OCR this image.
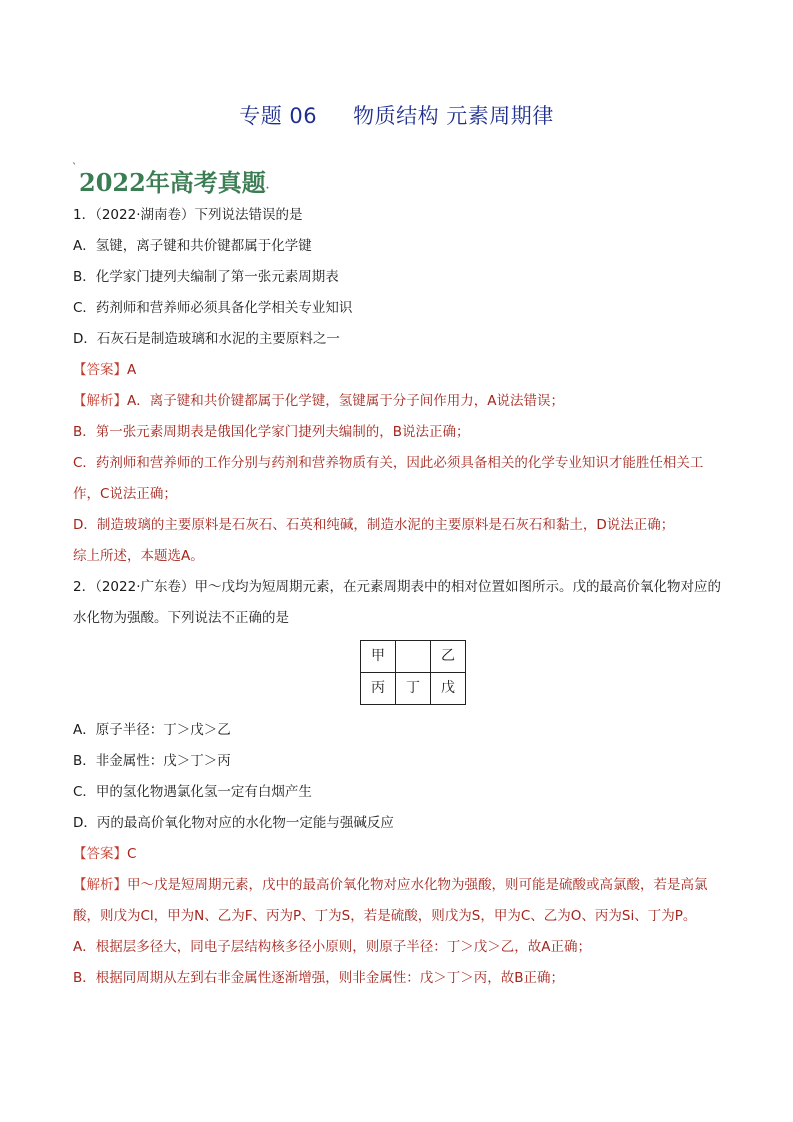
专题 06 物质结构 元素周期律
`2022年高考真题·
1．（2022·湖南卷）下列说法错误的是
A．氢键，离子键和共价键都属于化学键
B．化学家门捷列夫编制了第一张元素周期表
C．药剂师和营养师必须具备化学相关专业知识
D．石灰石是制造玻璃和水泥的主要原料之一
【答案】A
【解析】A．离子键和共价键都属于化学键，氢键属于分子间作用力，A说法错误；
B．第一张元素周期表是俄国化学家门捷列夫编制的，B说法正确；
C．药剂师和营养师的工作分别与药剂和营养物质有关，因此必须具备相关的化学专业知识才能胜任相关工作，C说法正确；
D．制造玻璃的主要原料是石灰石、石英和纯碱，制造水泥的主要原料是石灰石和黏土，D说法正确；
综上所述，本题选A。
2．（2022·广东卷）甲～戊均为短周期元素，在元素周期表中的相对位置如图所示。戊的最高价氧化物对应的水化物为强酸。下列说法不正确的是
甲		乙
丙	丁	戊
A．原子半径：丁＞戊＞乙
B．非金属性：戊＞丁＞丙
C．甲的氢化物遇氯化氢一定有白烟产生
D．丙的最高价氧化物对应的水化物一定能与强碱反应
【答案】C
【解析】甲～戊是短周期元素，戊中的最高价氧化物对应水化物为强酸，则可能是硫酸或高氯酸，若是高氯酸，则戊为Cl，甲为N、乙为F、丙为P、丁为S，若是硫酸，则戊为S，甲为C、乙为O、丙为Si、丁为P。
A．根据层多径大，同电子层结构核多径小原则，则原子半径：丁＞戊＞乙，故A正确；
B．根据同周期从左到右非金属性逐渐增强，则非金属性：戊＞丁＞丙，故B正确；
